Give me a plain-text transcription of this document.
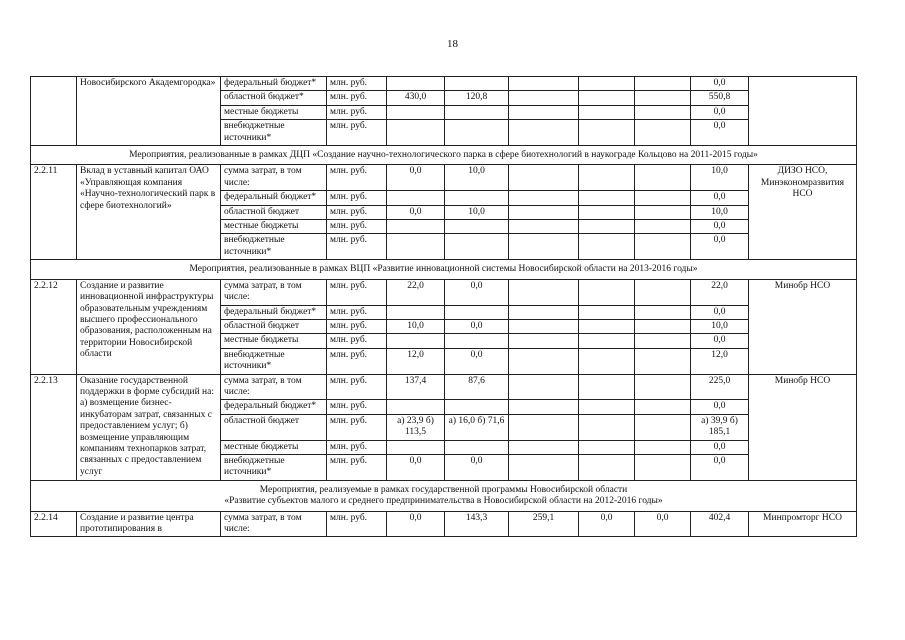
18
	Новосибирского Академгородка»	федеральный бюджет*	млн. руб.						0,0	
		областной бюджет*	млн. руб.	430,0	120,8				550,8	
		местные бюджеты	млн. руб.						0,0	
		внебюджетные источники*	млн. руб.						0,0	
Мероприятия, реализованные в рамках ДЦП «Создание научно-технологического парка в сфере биотехнологий в наукограде Кольцово на 2011-2015 годы»										
2.2.11	Вклад в уставный капитал ОАО «Управляющая компания «Научно-технологический парк в сфере биотехнологий»	сумма затрат, в том числе:	млн. руб.	0,0	10,0				10,0	ДИЗО НСО, Минэкономразвития НСО
		федеральный бюджет*	млн. руб.						0,0	
		областной бюджет	млн. руб.	0,0	10,0				10,0	
		местные бюджеты	млн. руб.						0,0	
		внебюджетные источники*	млн. руб.						0,0	
Мероприятия, реализованные в рамках ВЦП «Развитие инновационной системы Новосибирской области на 2013-2016 годы»										
2.2.12	Создание и развитие инновационной инфраструктуры образовательным учреждениям высшего профессионального образования, расположенным на территории Новосибирской области	сумма затрат, в том числе:	млн. руб.	22,0	0,0				22,0	Минобр НСО
		федеральный бюджет*	млн. руб.						0,0	
		областной бюджет	млн. руб.	10,0	0,0				10,0	
		местные бюджеты	млн. руб.						0,0	
		внебюджетные источники*	млн. руб.	12,0	0,0				12,0	
2.2.13	Оказание государственной поддержки в форме субсидий на: а) возмещение бизнес-инкубаторам затрат, связанных с предоставлением услуг; б) возмещение управляющим компаниям технопарков затрат, связанных с предоставлением услуг	сумма затрат, в том числе:	млн. руб.	137,4	87,6				225,0	Минобр НСО
		федеральный бюджет*	млн. руб.						0,0	
		областной бюджет	млн. руб.	а) 23,9 б) 113,5	а) 16,0 б) 71,6				а) 39,9 б) 185,1	
		местные бюджеты	млн. руб.						0,0	
		внебюджетные источники*	млн. руб.	0,0	0,0				0,0	

Мероприятия, реализуемые в рамках государственной программы Новосибирской области
«Развитие субъектов малого и среднего предпринимательства в Новосибирской области на 2012-2016 годы»										

2.2.14	Создание и развитие центра прототипирования в	сумма затрат, в том числе:	млн. руб.	0,0	143,3	259,1	0,0	0,0	402,4	Минпромторг НСО
